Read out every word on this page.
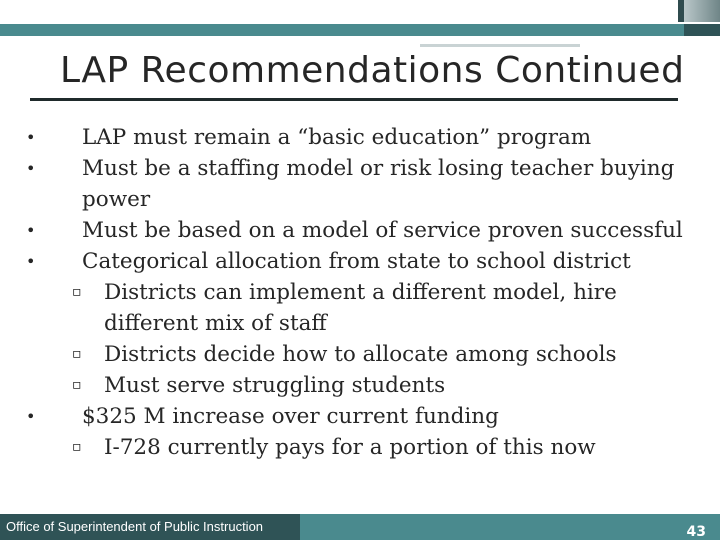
LAP Recommendations Continued
• LAP must remain a “basic education” program
• Must be a staffing model or risk losing teacher buying power
• Must be based on a model of service proven successful
• Categorical allocation from state to school district
▫ Districts can implement a different model, hire different mix of staff
▫ Districts decide how to allocate among schools
▫ Must serve struggling students
• $325 M increase over current funding
▫ I-728 currently pays for a portion of this now
Office of Superintendent of Public Instruction	43
